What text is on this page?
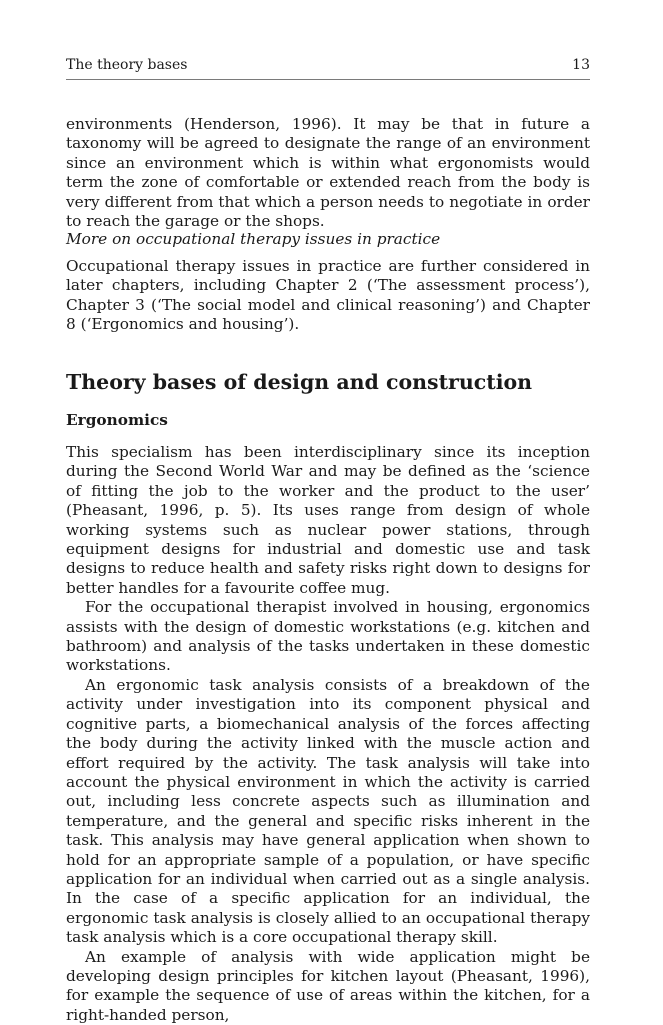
The theory bases	13

environments (Henderson, 1996). It may be that in future a taxonomy will be agreed to designate the range of an environment since an environment which is within what ergonomists would term the zone of comfortable or extended reach from the body is very different from that which a person needs to negotiate in order to reach the garage or the shops.

More on occupational therapy issues in practice

Occupational therapy issues in practice are further considered in later chapters, including Chapter 2 (‘The assessment process’), Chapter 3 (‘The social model and clinical reasoning’) and Chapter 8 (‘Ergonomics and housing’).

Theory bases of design and construction
Ergonomics

This specialism has been interdisciplinary since its inception during the Second World War and may be defined as the ‘science of fitting the job to the worker and the product to the user’ (Pheasant, 1996, p. 5). Its uses range from design of whole working systems such as nuclear power stations, through equipment designs for industrial and domestic use and task designs to reduce health and safety risks right down to designs for better handles for a favourite coffee mug.

For the occupational therapist involved in housing, ergonomics assists with the design of domestic workstations (e.g. kitchen and bathroom) and analysis of the tasks undertaken in these domestic workstations.

An ergonomic task analysis consists of a breakdown of the activity under investigation into its component physical and cognitive parts, a biomechanical analysis of the forces affecting the body during the activity linked with the muscle action and effort required by the activity. The task analysis will take into account the physical environment in which the activity is carried out, including less concrete aspects such as illumination and temperature, and the general and specific risks inherent in the task. This analysis may have general application when shown to hold for an appropriate sample of a population, or have specific application for an individual when carried out as a single analysis. In the case of a specific application for an individual, the ergonomic task analysis is closely allied to an occupational therapy task analysis which is a core occupational therapy skill.

An example of analysis with wide application might be developing design principles for kitchen layout (Pheasant, 1996), for example the sequence of use of areas within the kitchen, for a right-handed person,
